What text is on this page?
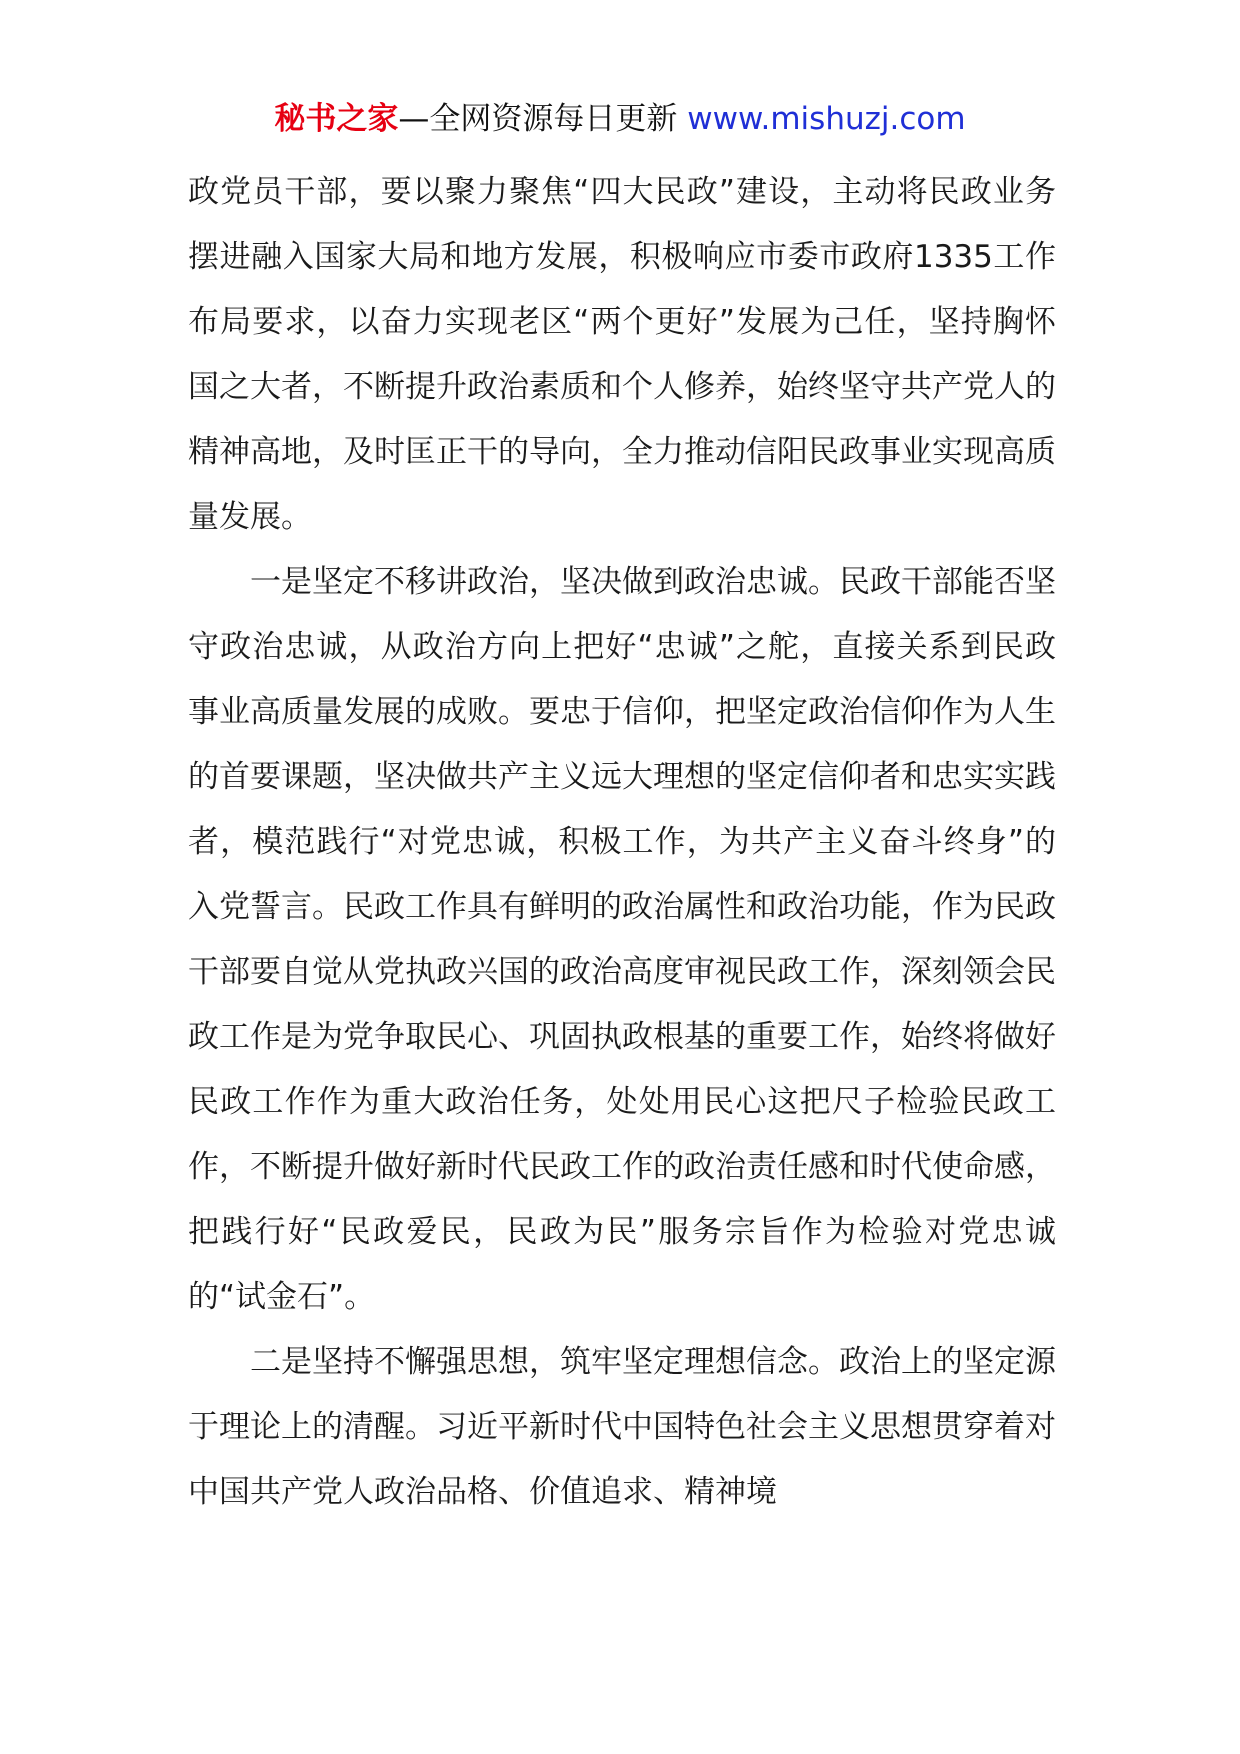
秘书之家—全网资源每日更新 www.mishuzj.com

政党员干部，要以聚力聚焦“四大民政”建设，主动将民政业务摆进融入国家大局和地方发展，积极响应市委市政府1335工作布局要求，以奋力实现老区“两个更好”发展为己任，坚持胸怀国之大者，不断提升政治素质和个人修养，始终坚守共产党人的精神高地，及时匡正干的导向，全力推动信阳民政事业实现高质量发展。

一是坚定不移讲政治，坚决做到政治忠诚。民政干部能否坚守政治忠诚，从政治方向上把好“忠诚”之舵，直接关系到民政事业高质量发展的成败。要忠于信仰，把坚定政治信仰作为人生的首要课题，坚决做共产主义远大理想的坚定信仰者和忠实实践者，模范践行“对党忠诚，积极工作，为共产主义奋斗终身”的入党誓言。民政工作具有鲜明的政治属性和政治功能，作为民政干部要自觉从党执政兴国的政治高度审视民政工作，深刻领会民政工作是为党争取民心、巩固执政根基的重要工作，始终将做好民政工作作为重大政治任务，处处用民心这把尺子检验民政工作，不断提升做好新时代民政工作的政治责任感和时代使命感，把践行好“民政爱民，民政为民”服务宗旨作为检验对党忠诚的“试金石”。

二是坚持不懈强思想，筑牢坚定理想信念。政治上的坚定源于理论上的清醒。习近平新时代中国特色社会主义思想贯穿着对中国共产党人政治品格、价值追求、精神境
